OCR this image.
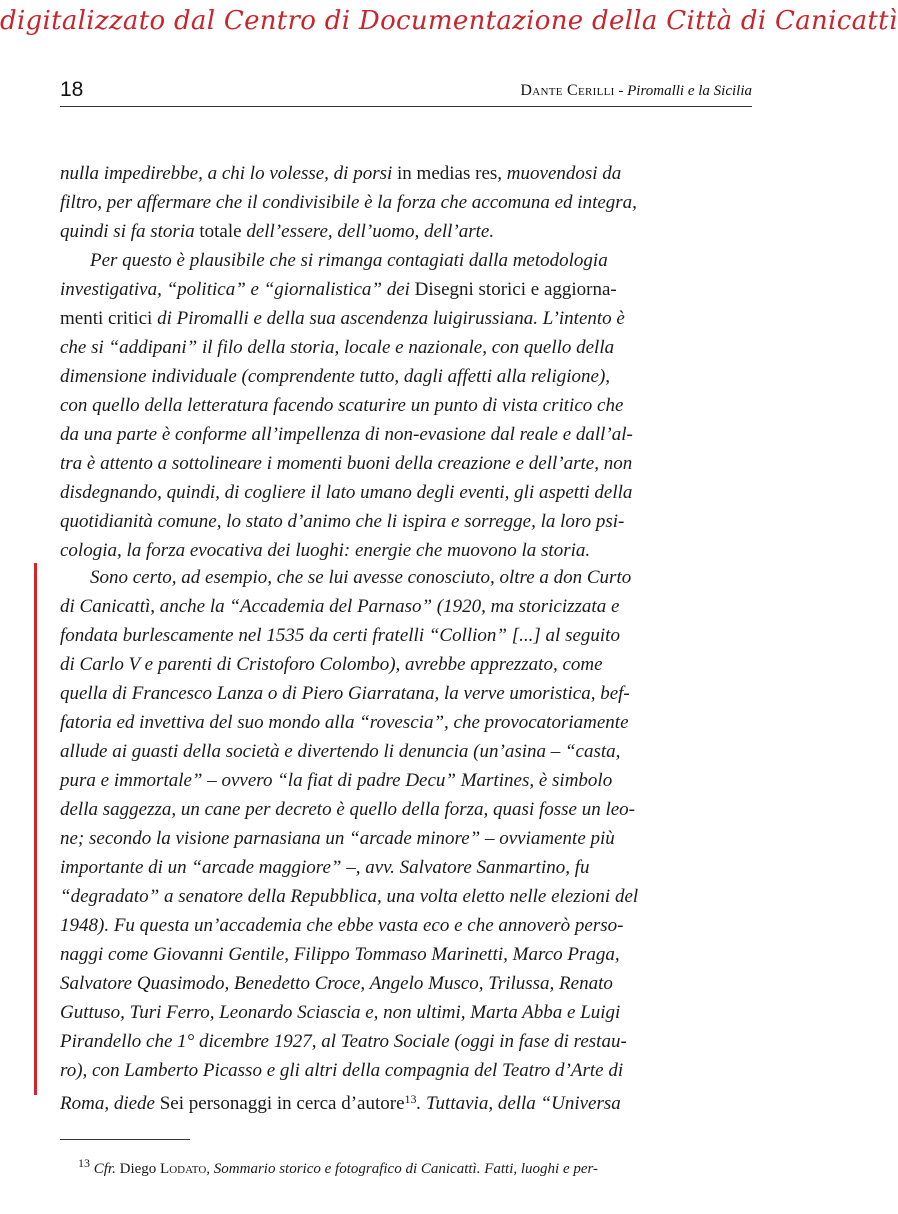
digitalizzato dal Centro di Documentazione della Città di Canicattì
18	Dante Cerilli - Piromalli e la Sicilia
nulla impedirebbe, a chi lo volesse, di porsi in medias res, muovendosi da
filtro, per affermare che il condivisibile è la forza che accomuna ed integra,
quindi si fa storia totale dell’essere, dell’uomo, dell’arte.
Per questo è plausibile che si rimanga contagiati dalla metodologia
investigativa, “politica” e “giornalistica” dei Disegni storici e aggiorna-
menti critici di Piromalli e della sua ascendenza luigirussiana. L’intento è
che si “addipani” il filo della storia, locale e nazionale, con quello della
dimensione individuale (comprendente tutto, dagli affetti alla religione),
con quello della letteratura facendo scaturire un punto di vista critico che
da una parte è conforme all’impellenza di non-evasione dal reale e dall’al-
tra è attento a sottolineare i momenti buoni della creazione e dell’arte, non
disdegnando, quindi, di cogliere il lato umano degli eventi, gli aspetti della
quotidianità comune, lo stato d’animo che li ispira e sorregge, la loro psi-
cologia, la forza evocativa dei luoghi: energie che muovono la storia.
Sono certo, ad esempio, che se lui avesse conosciuto, oltre a don Curto
di Canicattì, anche la “Accademia del Parnaso” (1920, ma storicizzata e
fondata burlescamente nel 1535 da certi fratelli “Collion” [...] al seguito
di Carlo V e parenti di Cristoforo Colombo), avrebbe apprezzato, come
quella di Francesco Lanza o di Piero Giarratana, la verve umoristica, bef-
fatoria ed invettiva del suo mondo alla “rovescia”, che provocatoriamente
allude ai guasti della società e divertendo li denuncia (un’asina – “casta,
pura e immortale” – ovvero “la fiat di padre Decu” Martines, è simbolo
della saggezza, un cane per decreto è quello della forza, quasi fosse un leo-
ne; secondo la visione parnasiana un “arcade minore” – ovviamente più
importante di un “arcade maggiore” –, avv. Salvatore Sanmartino, fu
“degradato” a senatore della Repubblica, una volta eletto nelle elezioni del
1948). Fu questa un’accademia che ebbe vasta eco e che annoverò perso-
naggi come Giovanni Gentile, Filippo Tommaso Marinetti, Marco Praga,
Salvatore Quasimodo, Benedetto Croce, Angelo Musco, Trilussa, Renato
Guttuso, Turi Ferro, Leonardo Sciascia e, non ultimi, Marta Abba e Luigi
Pirandello che 1° dicembre 1927, al Teatro Sociale (oggi in fase di restau-
ro), con Lamberto Picasso e gli altri della compagnia del Teatro d’Arte di
Roma, diede Sei personaggi in cerca d’autore$^{13}$. Tuttavia, della “Universa
$^{13}$ Cfr. Diego Lodato, Sommario storico e fotografico di Canicattì. Fatti, luoghi e per-
